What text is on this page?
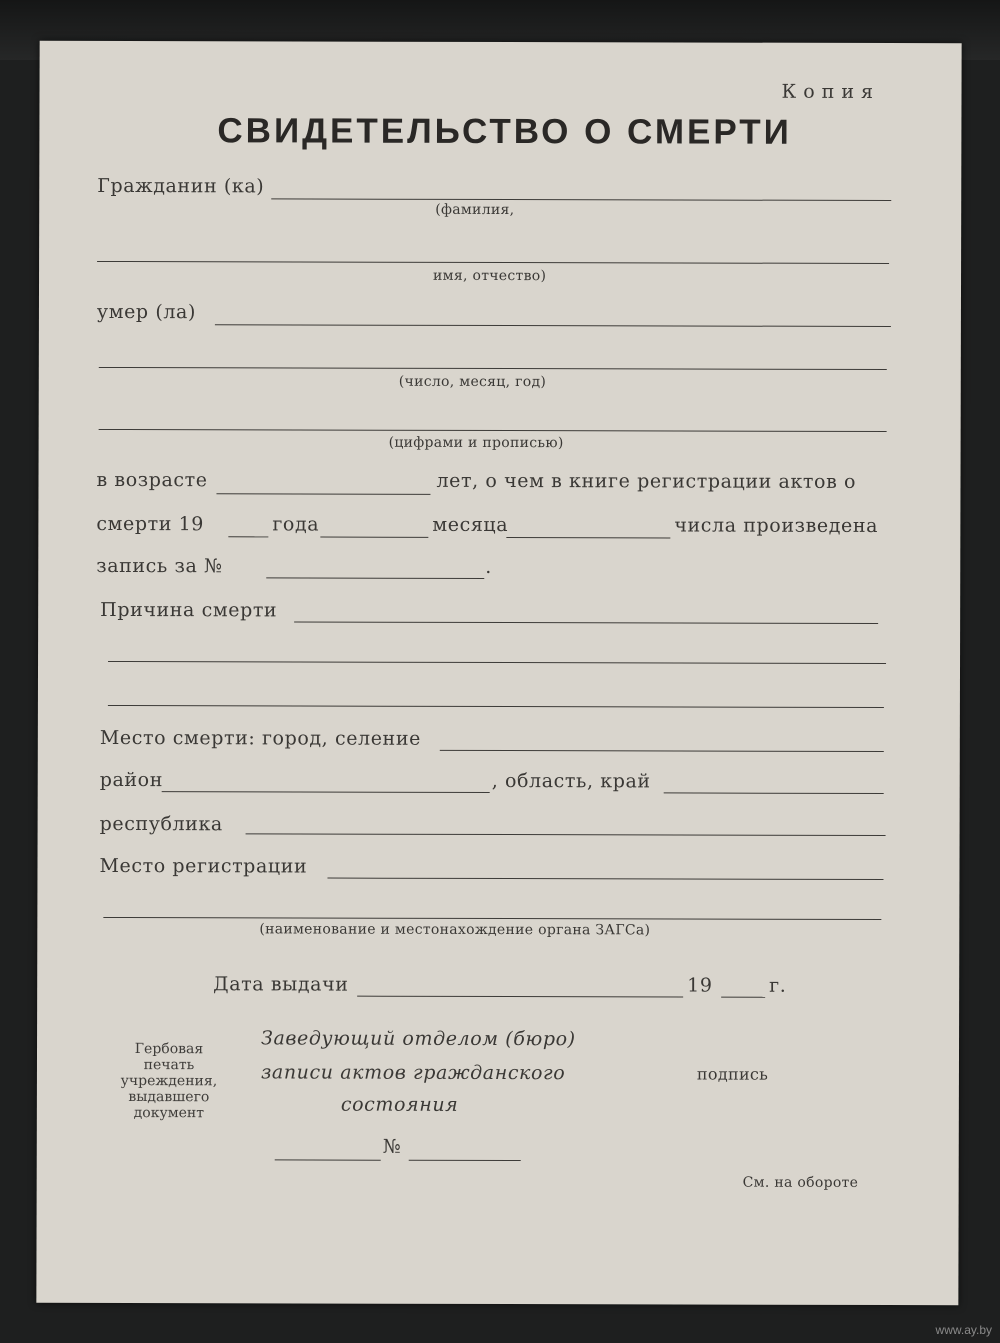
Копия
СВИДЕТЕЛЬСТВО О СМЕРТИ
Гражданин (ка)
(фамилия,
имя, отчество)
умер (ла)
(число, месяц, год)
(цифрами и прописью)
в возрасте	лет, о чем в книге регистрации актов о
смерти 19	года	месяца	числа произведена
запись за №	.
Причина смерти
Место смерти: город, селение
район	, область, край
республика
Место регистрации
(наименование и местонахождение органа ЗАГСа)
Дата выдачи	19	г.
Гербовая
печать
учреждения,
выдавшего
документ
Заведующий отделом (бюро)
записи актов гражданского
состояния
подпись
№
См. на обороте
www.ay.by
